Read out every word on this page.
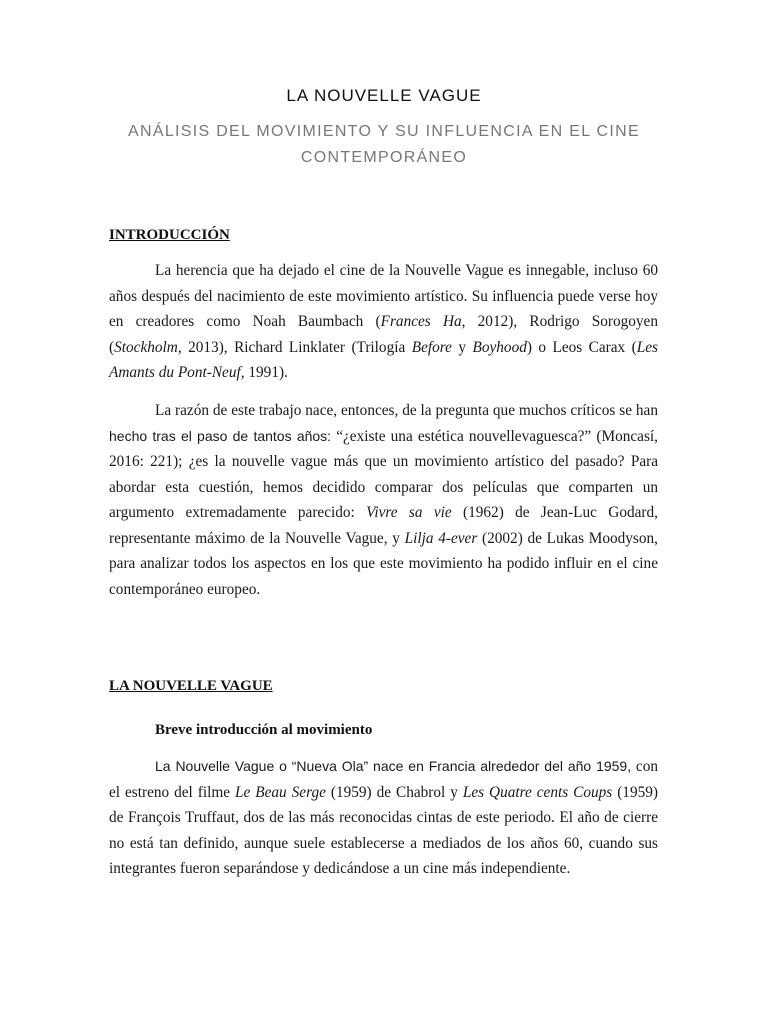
LA NOUVELLE VAGUE
ANÁLISIS DEL MOVIMIENTO Y SU INFLUENCIA EN EL CINE CONTEMPORÁNEO
INTRODUCCIÓN

La herencia que ha dejado el cine de la Nouvelle Vague es innegable, incluso 60 años después del nacimiento de este movimiento artístico. Su influencia puede verse hoy en creadores como Noah Baumbach (Frances Ha, 2012), Rodrigo Sorogoyen (Stockholm, 2013), Richard Linklater (Trilogía Before y Boyhood) o Leos Carax (Les Amants du Pont-Neuf, 1991).

La razón de este trabajo nace, entonces, de la pregunta que muchos críticos se han hecho tras el paso de tantos años: “¿existe una estética nouvellevaguesca?” (Moncasí, 2016: 221); ¿es la nouvelle vague más que un movimiento artístico del pasado? Para abordar esta cuestión, hemos decidido comparar dos películas que comparten un argumento extremadamente parecido: Vivre sa vie (1962) de Jean-Luc Godard, representante máximo de la Nouvelle Vague, y Lilja 4-ever (2002) de Lukas Moodyson, para analizar todos los aspectos en los que este movimiento ha podido influir en el cine contemporáneo europeo.

LA NOUVELLE VAGUE
Breve introducción al movimiento

La Nouvelle Vague o “Nueva Ola” nace en Francia alrededor del año 1959, con el estreno del filme Le Beau Serge (1959) de Chabrol y Les Quatre cents Coups (1959) de François Truffaut, dos de las más reconocidas cintas de este periodo. El año de cierre no está tan definido, aunque suele establecerse a mediados de los años 60, cuando sus integrantes fueron separándose y dedicándose a un cine más independiente.
